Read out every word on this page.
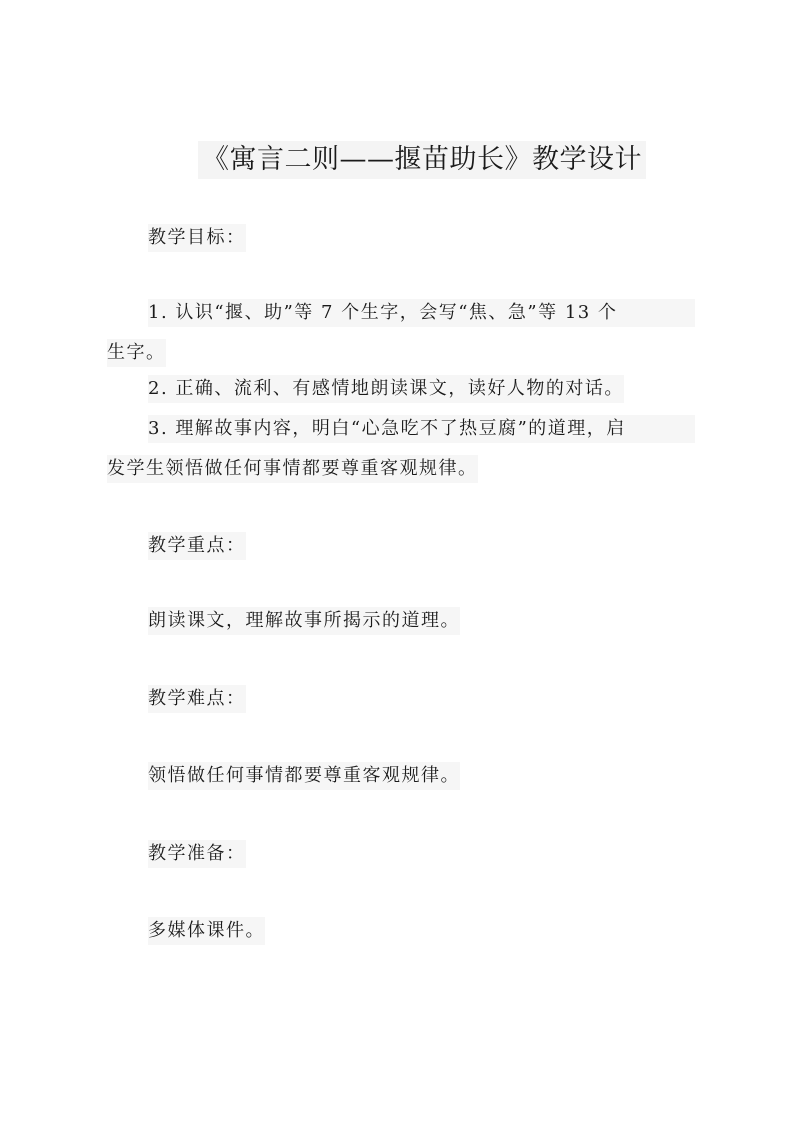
《寓言二则——揠苗助长》教学设计
教学目标：
1. 认识“揠、助”等 7 个生字，会写“焦、急”等 13 个
生字。
2. 正确、流利、有感情地朗读课文，读好人物的对话。
3. 理解故事内容，明白“心急吃不了热豆腐”的道理，启
发学生领悟做任何事情都要尊重客观规律。
教学重点：
朗读课文，理解故事所揭示的道理。
教学难点：
领悟做任何事情都要尊重客观规律。
教学准备：
多媒体课件。
